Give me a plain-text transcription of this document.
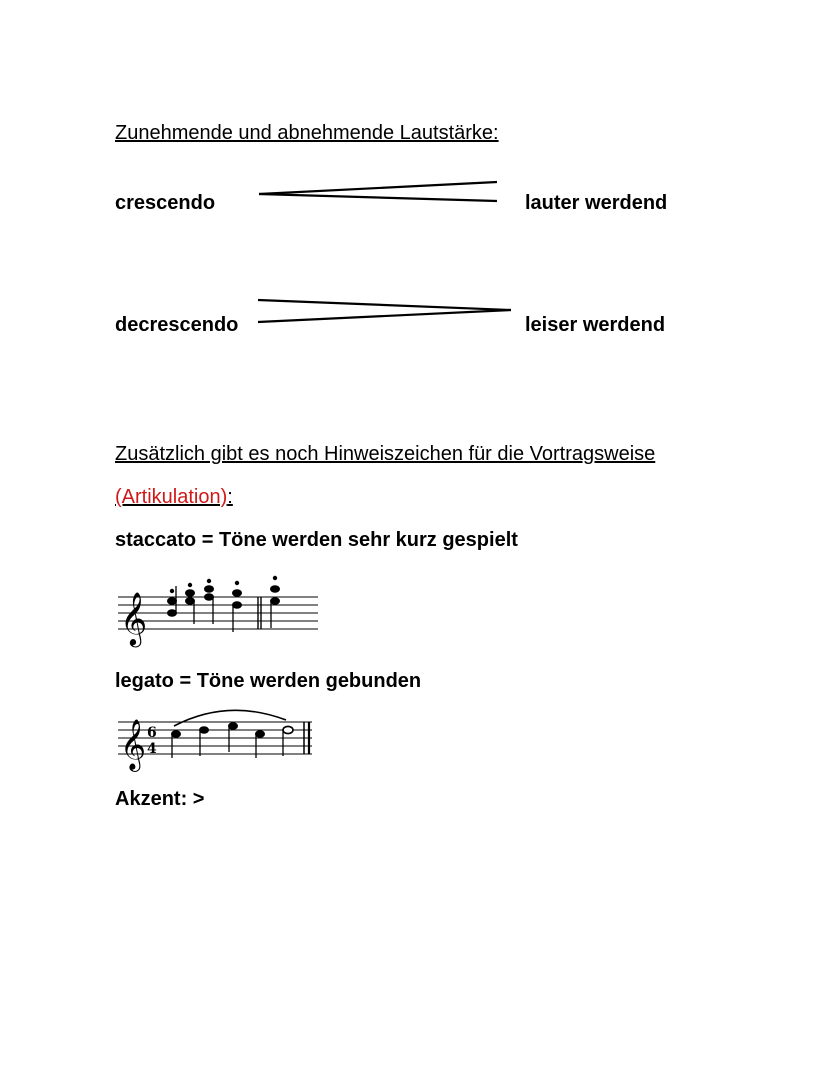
Zunehmende und abnehmende Lautstärke:
crescendo	lauter werdend
decrescendo	leiser werdend
Zusätzlich gibt es noch Hinweiszeichen für die Vortragsweise
(Artikulation):
staccato = Töne werden sehr kurz gespielt
𝄞
legato = Töne werden gebunden
𝄞 6
4
Akzent: >
